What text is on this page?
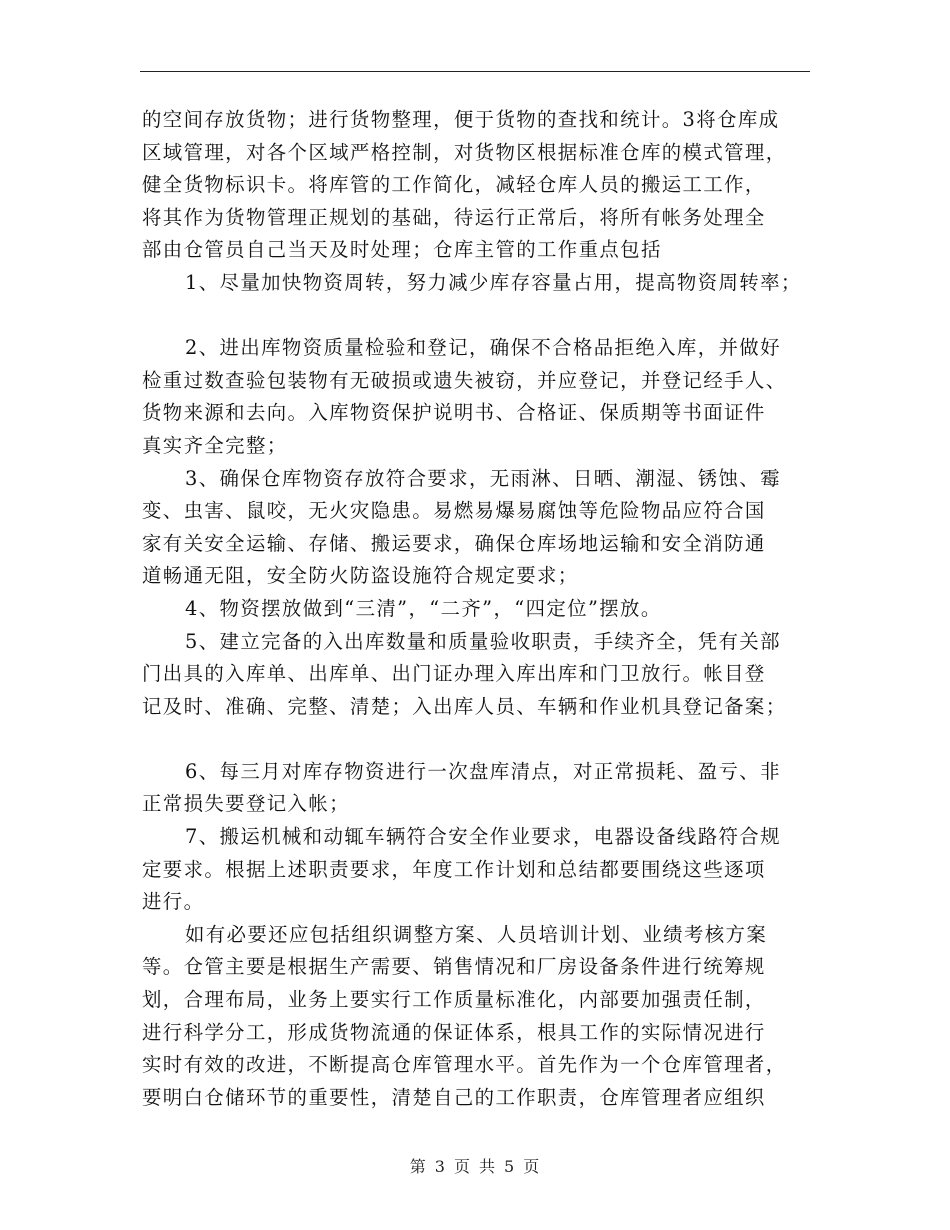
的空间存放货物；进行货物整理，便于货物的查找和统计。3将仓库成
区域管理，对各个区域严格控制，对货物区根据标准仓库的模式管理，
健全货物标识卡。将库管的工作简化，减轻仓库人员的搬运工工作，
将其作为货物管理正规划的基础，待运行正常后，将所有帐务处理全
部由仓管员自己当天及时处理；仓库主管的工作重点包括
1、尽量加快物资周转，努力减少库存容量占用，提高物资周转率；
2、进出库物资质量检验和登记，确保不合格品拒绝入库，并做好
检重过数查验包装物有无破损或遗失被窃，并应登记，并登记经手人、
货物来源和去向。入库物资保护说明书、合格证、保质期等书面证件
真实齐全完整；
3、确保仓库物资存放符合要求，无雨淋、日晒、潮湿、锈蚀、霉
变、虫害、鼠咬，无火灾隐患。易燃易爆易腐蚀等危险物品应符合国
家有关安全运输、存储、搬运要求，确保仓库场地运输和安全消防通
道畅通无阻，安全防火防盗设施符合规定要求；
4、物资摆放做到“三清”，“二齐”，“四定位”摆放。
5、建立完备的入出库数量和质量验收职责，手续齐全，凭有关部
门出具的入库单、出库单、出门证办理入库出库和门卫放行。帐目登
记及时、准确、完整、清楚；入出库人员、车辆和作业机具登记备案；
6、每三月对库存物资进行一次盘库清点，对正常损耗、盈亏、非
正常损失要登记入帐；
7、搬运机械和动辄车辆符合安全作业要求，电器设备线路符合规
定要求。根据上述职责要求，年度工作计划和总结都要围绕这些逐项
进行。
如有必要还应包括组织调整方案、人员培训计划、业绩考核方案
等。仓管主要是根据生产需要、销售情况和厂房设备条件进行统筹规
划，合理布局，业务上要实行工作质量标准化，内部要加强责任制，
进行科学分工，形成货物流通的保证体系，根具工作的实际情况进行
实时有效的改进，不断提高仓库管理水平。首先作为一个仓库管理者，
要明白仓储环节的重要性，清楚自己的工作职责，仓库管理者应组织
第 3 页 共 5 页
